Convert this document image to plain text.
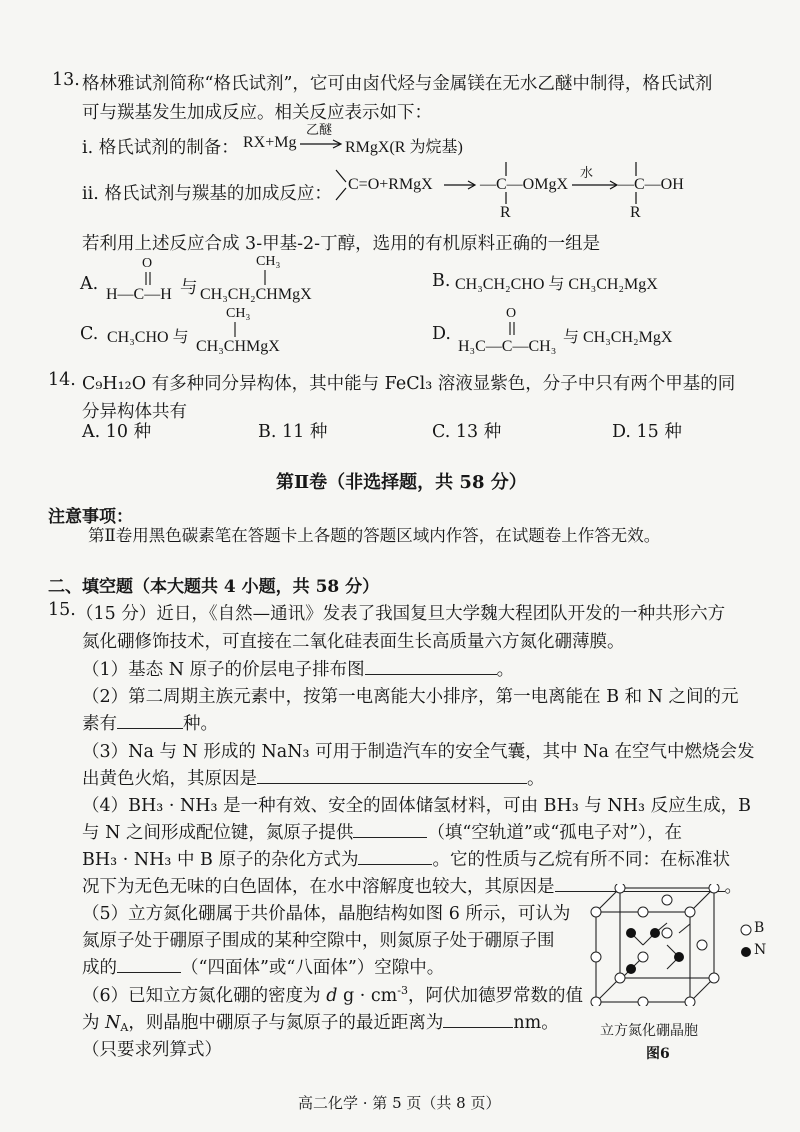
13. 格林雅试剂简称“格氏试剂”，它可由卤代烃与金属镁在无水乙醚中制得，格氏试剂
可与羰基发生加成反应。相关反应表示如下：
i. 格氏试剂的制备： RX+Mg
乙醚
→ RMgX(R 为烷基)
ii. 格氏试剂与羰基的加成反应： C=O+RMgX	—C—OMgX
水
—C—OH
R	R
若利用上述反应合成 3-甲基-2-丁醇，选用的有机原料正确的一组是
A.
O
H—C—H 与
CH₃
CH₃CH₂CHMgX
B. CH₃CH₂CHO 与 CH₃CH₂MgX
C. CH₃CHO 与
CH₃
CH₃CHMgX
D.
O
H₃C—C—CH₃
与 CH₃CH₂MgX
14. C₉H₁₂O 有多种同分异构体，其中能与 FeCl₃ 溶液显紫色，分子中只有两个甲基的同
分异构体共有
A. 10 种	B. 11 种	C. 13 种	D. 15 种
第Ⅱ卷（非选择题，共 58 分）
注意事项：
第Ⅱ卷用黑色碳素笔在答题卡上各题的答题区域内作答，在试题卷上作答无效。
二、填空题（本大题共 4 小题，共 58 分）
15. （15 分）近日，《自然—通讯》发表了我国复旦大学魏大程团队开发的一种共形六方
氮化硼修饰技术，可直接在二氧化硅表面生长高质量六方氮化硼薄膜。
（1）基态 N 原子的价层电子排布图	。
（2）第二周期主族元素中，按第一电离能大小排序，第一电离能在 B 和 N 之间的元
素有	种。
（3）Na 与 N 形成的 NaN₃ 可用于制造汽车的安全气囊，其中 Na 在空气中燃烧会发
出黄色火焰，其原因是	。
（4）BH₃ · NH₃ 是一种有效、安全的固体储氢材料，可由 BH₃ 与 NH₃ 反应生成，B
与 N 之间形成配位键，氮原子提供	（填“空轨道”或“孤电子对”），在
BH₃ · NH₃ 中 B 原子的杂化方式为	。它的性质与乙烷有所不同：在标准状
况下为无色无味的白色固体，在水中溶解度也较大，其原因是	。
（5）立方氮化硼属于共价晶体，晶胞结构如图 6 所示，可认为
氮原子处于硼原子围成的某种空隙中，则氮原子处于硼原子围
成的	（“四面体”或“八面体”）空隙中。
（6）已知立方氮化硼的密度为 d $g \cdot cm^{-3}$，阿伏加德罗常数的值
为 $N_A$，则晶胞中硼原子与氮原子的最近距离为	nm。
（只要求列算式）
B
N
立方氮化硼晶胞
图6
高二化学 · 第 5 页（共 8 页）
